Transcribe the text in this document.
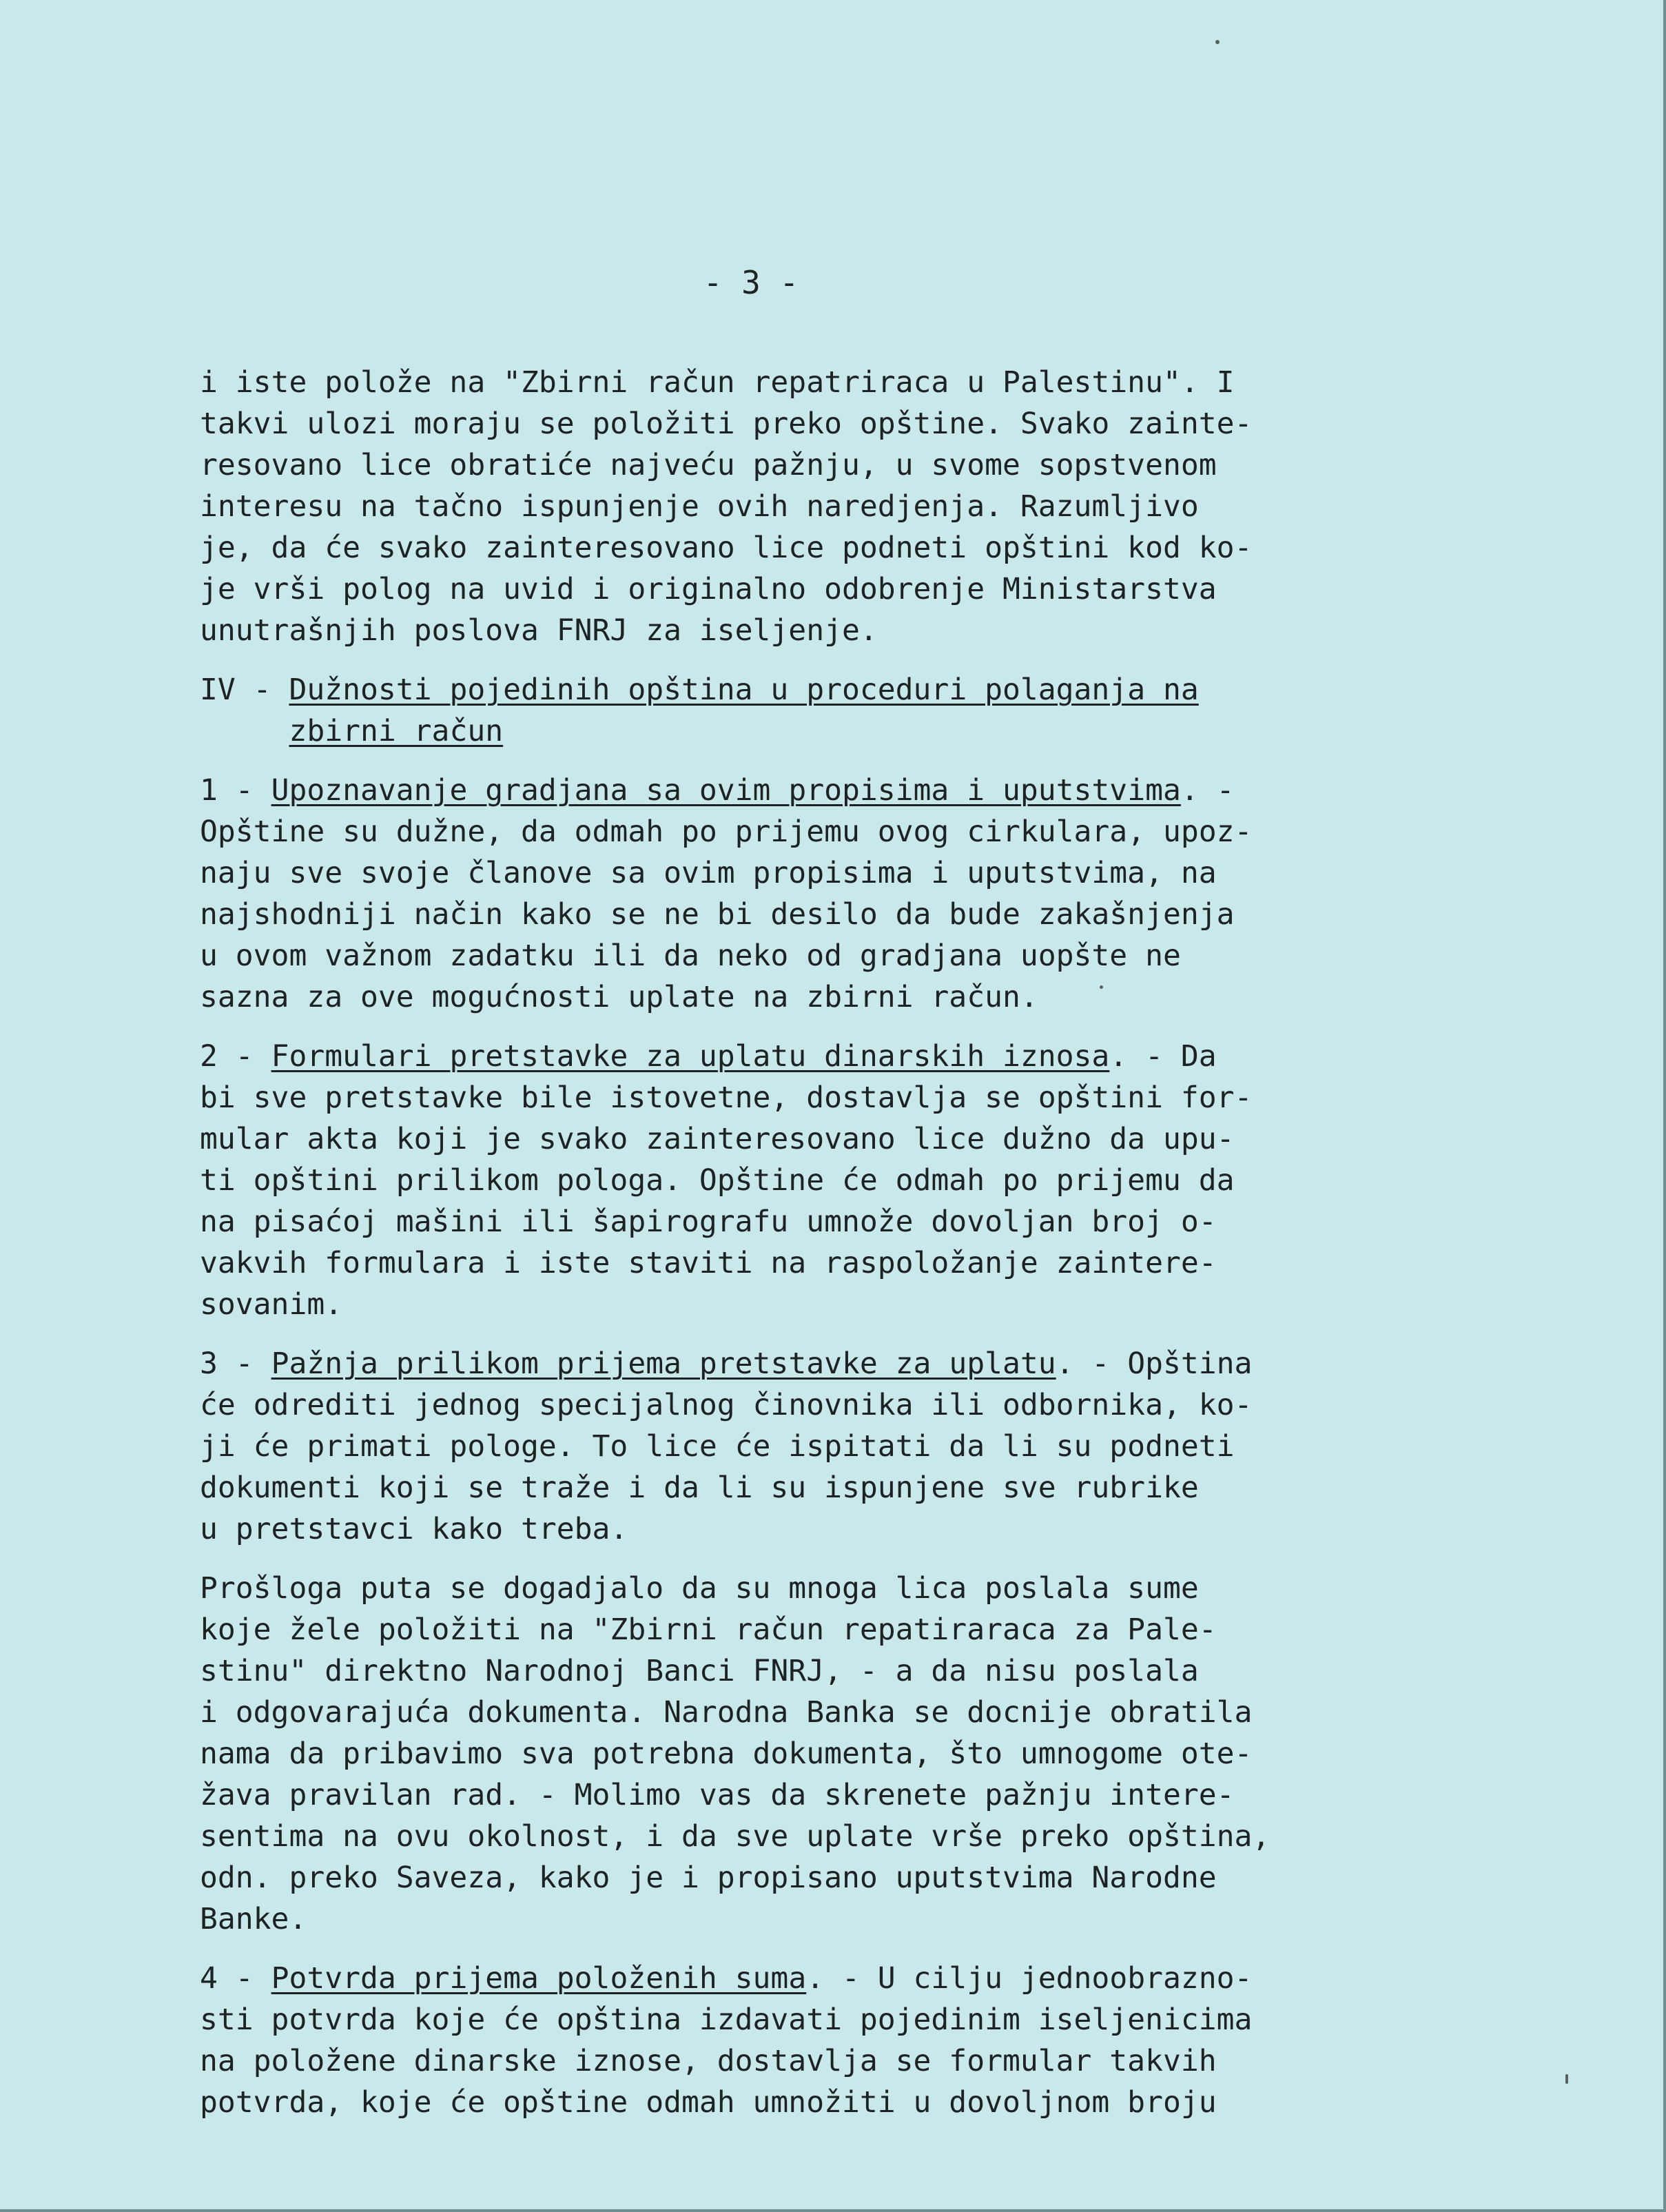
- 3 -
i iste polože na "Zbirni račun repatriraca u Palestinu". I
takvi ulozi moraju se položiti preko opštine. Svako zainte-
resovano lice obratiće najveću pažnju, u svome sopstvenom
interesu na tačno ispunjenje ovih naredjenja. Razumljivo
je, da će svako zainteresovano lice podneti opštini kod ko-
je vrši polog na uvid i originalno odobrenje Ministarstva
unutrašnjih poslova FNRJ za iseljenje.
IV - Dužnosti pojedinih opština u proceduri polaganja na
zbirni račun
1 - Upoznavanje gradjana sa ovim propisima i uputstvima. -
Opštine su dužne, da odmah po prijemu ovog cirkulara, upoz-
naju sve svoje članove sa ovim propisima i uputstvima, na
najshodniji način kako se ne bi desilo da bude zakašnjenja
u ovom važnom zadatku ili da neko od gradjana uopšte ne
sazna za ove mogućnosti uplate na zbirni račun.
2 - Formulari pretstavke za uplatu dinarskih iznosa. - Da
bi sve pretstavke bile istovetne, dostavlja se opštini for-
mular akta koji je svako zainteresovano lice dužno da upu-
ti opštini prilikom pologa. Opštine će odmah po prijemu da
na pisaćoj mašini ili šapirografu umnože dovoljan broj o-
vakvih formulara i iste staviti na raspoložanje zaintere-
sovanim.
3 - Pažnja prilikom prijema pretstavke za uplatu. - Opština
će odrediti jednog specijalnog činovnika ili odbornika, ko-
ji će primati pologe. To lice će ispitati da li su podneti
dokumenti koji se traže i da li su ispunjene sve rubrike
u pretstavci kako treba.
Prošloga puta se dogadjalo da su mnoga lica poslala sume
koje žele položiti na "Zbirni račun repatiraraca za Pale-
stinu" direktno Narodnoj Banci FNRJ, - a da nisu poslala
i odgovarajuća dokumenta. Narodna Banka se docnije obratila
nama da pribavimo sva potrebna dokumenta, što umnogome ote-
žava pravilan rad. - Molimo vas da skrenete pažnju intere-
sentima na ovu okolnost, i da sve uplate vrše preko opština,
odn. preko Saveza, kako je i propisano uputstvima Narodne
Banke.
4 - Potvrda prijema položenih suma. - U cilju jednoobrazno-
sti potvrda koje će opština izdavati pojedinim iseljenicima
na položene dinarske iznose, dostavlja se formular takvih
potvrda, koje će opštine odmah umnožiti u dovoljnom broju
